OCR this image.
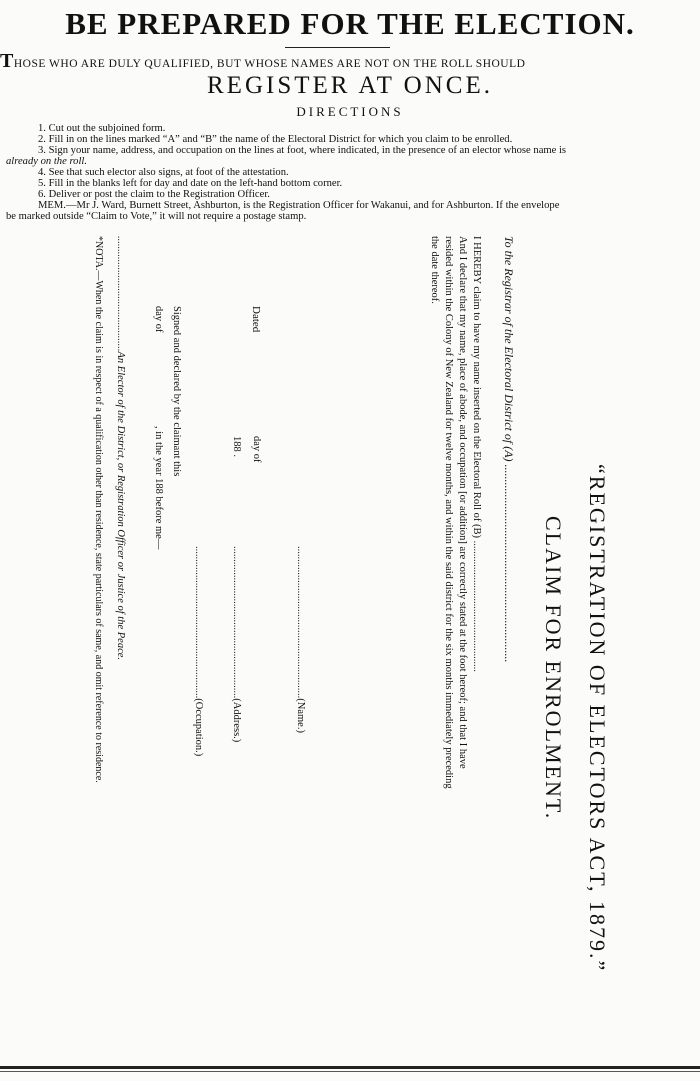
BE PREPARED FOR THE ELECTION.
THOSE WHO ARE DULY QUALIFIED, BUT WHOSE NAMES ARE NOT ON THE ROLL SHOULD
REGISTER AT ONCE.
DIRECTIONS
1. Cut out the subjoined form.
2. Fill in on the lines marked “A” and “B” the name of the Electoral District for which you claim to be enrolled.
3. Sign your name, address, and occupation on the lines at foot, where indicated, in the presence of an elector whose name is
already on the roll.
4. See that such elector also signs, at foot of the attestation.
5. Fill in the blanks left for day and date on the left-hand bottom corner.
6. Deliver or post the claim to the Registration Officer.
MEM.—Mr J. Ward, Burnett Street, Ashburton, is the Registration Officer for Wakanui, and for Ashburton. If the envelope
be marked outside “Claim to Vote,” it will not require a postage stamp.
“REGISTRATION OF ELECTORS ACT, 1879.”
CLAIM FOR ENROLMENT.
To the Registrar of the Electoral District of (A) ..................................................................
I HEREBY claim to have my name inserted on the Electoral Roll of (B) ..................................................
And I declare that my name, place of abode, and occupation [or addition] are correctly stated at the foot hereof; and that I have
resided within the Colony of New Zealand for twelve months, and within the said district for the six months immediately preceding
the date thereof.
..........................................................(Name.)
Dated
day of
188 .
..........................................................(Address.)
..........................................................(Occupation.)
Signed and declared by the claimant this
day of
, in the year 188 before me—
............................................An Elector of the District, or Registration Officer or Justice of the Peace.
*NOTA.—When the claim is in respect of a qualification other than residence, state particulars of same, and omit reference to residence.
